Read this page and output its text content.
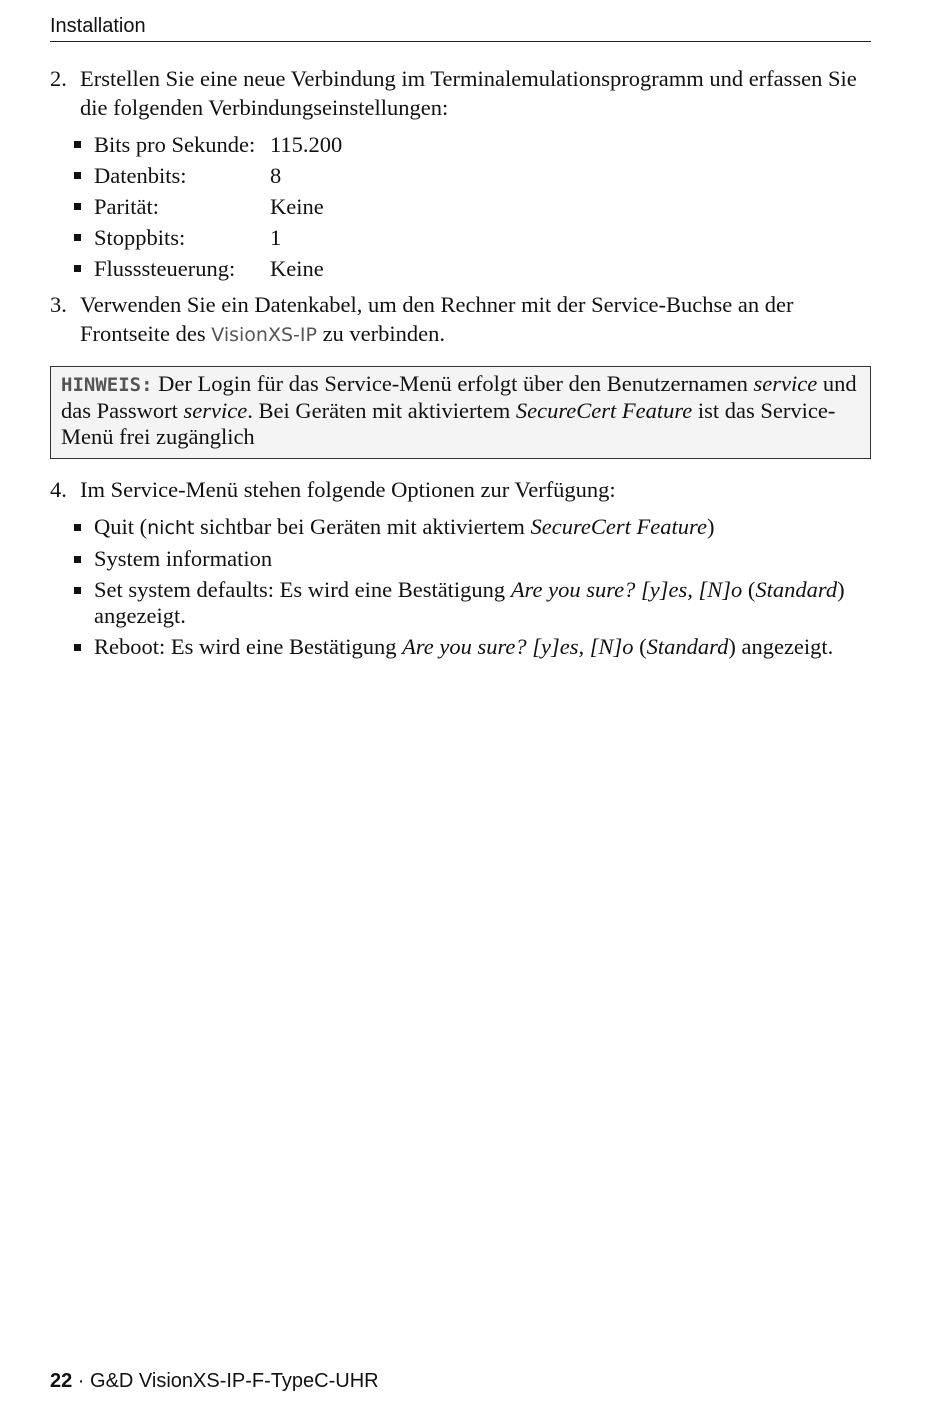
Installation

2. Erstellen Sie eine neue Verbindung im Terminalemulationsprogramm und erfassen Sie die folgenden Verbindungseinstellungen:

Bits pro Sekunde: 115.200
Datenbits:	8
Parität:	Keine
Stoppbits:	1
Flusssteuerung: Keine

3. Verwenden Sie ein Datenkabel, um den Rechner mit der Service-Buchse an der Frontseite des VisionXS-IP zu verbinden.

HINWEIS: Der Login für das Service-Menü erfolgt über den Benutzernamen service und das Passwort service. Bei Geräten mit aktiviertem SecureCert Feature ist das Service-Menü frei zugänglich

4. Im Service-Menü stehen folgende Optionen zur Verfügung:

Quit (nicht sichtbar bei Geräten mit aktiviertem SecureCert Feature)
System information
Set system defaults: Es wird eine Bestätigung Are you sure? [y]es, [N]o (Standard) angezeigt.
Reboot: Es wird eine Bestätigung Are you sure? [y]es, [N]o (Standard) angezeigt.
22 · G&D VisionXS-IP-F-TypeC-UHR
